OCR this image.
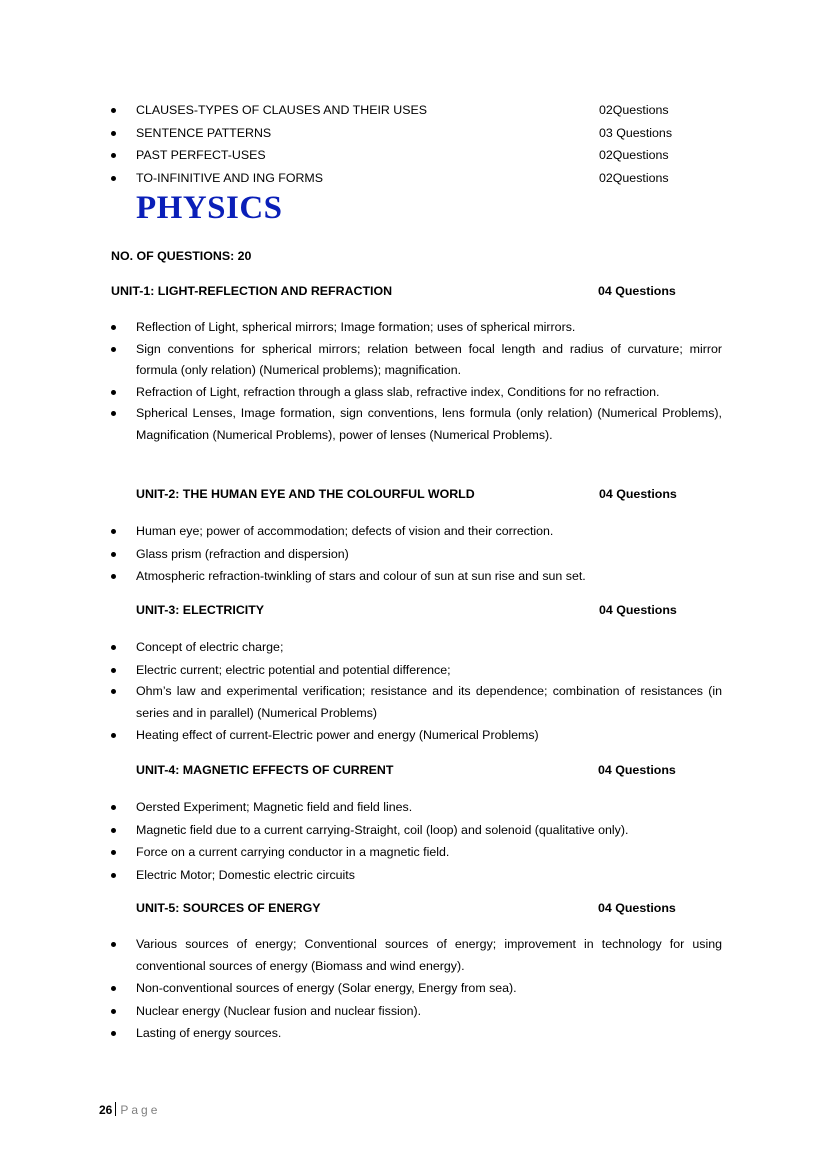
CLAUSES-TYPES OF CLAUSES AND THEIR USES	02Questions
SENTENCE PATTERNS	03 Questions
PAST PERFECT-USES	02Questions
TO-INFINITIVE AND ING FORMS	02Questions
PHYSICS
NO. OF QUESTIONS: 20
UNIT-1: LIGHT-REFLECTION AND REFRACTION	04 Questions
Reflection of Light, spherical mirrors; Image formation; uses of spherical mirrors.
Sign conventions for spherical mirrors; relation between focal length and radius of curvature; mirror formula (only relation) (Numerical problems); magnification.
Refraction of Light, refraction through a glass slab, refractive index, Conditions for no refraction.
Spherical Lenses, Image formation, sign conventions, lens formula (only relation) (Numerical Problems), Magnification (Numerical Problems), power of lenses (Numerical Problems).
UNIT-2: THE HUMAN EYE AND THE COLOURFUL WORLD	04 Questions
Human eye; power of accommodation; defects of vision and their correction.
Glass prism (refraction and dispersion)
Atmospheric refraction-twinkling of stars and colour of sun at sun rise and sun set.
UNIT-3: ELECTRICITY	04 Questions
Concept of electric charge;
Electric current; electric potential and potential difference;
Ohm’s law and experimental verification; resistance and its dependence; combination of resistances (in series and in parallel) (Numerical Problems)
Heating effect of current-Electric power and energy (Numerical Problems)
UNIT-4: MAGNETIC EFFECTS OF CURRENT	04 Questions
Oersted Experiment; Magnetic field and field lines.
Magnetic field due to a current carrying-Straight, coil (loop) and solenoid (qualitative only).
Force on a current carrying conductor in a magnetic field.
Electric Motor; Domestic electric circuits
UNIT-5: SOURCES OF ENERGY	04 Questions
Various sources of energy; Conventional sources of energy; improvement in technology for using conventional sources of energy (Biomass and wind energy).
Non-conventional sources of energy (Solar energy, Energy from sea).
Nuclear energy (Nuclear fusion and nuclear fission).
Lasting of energy sources.
26 Page
